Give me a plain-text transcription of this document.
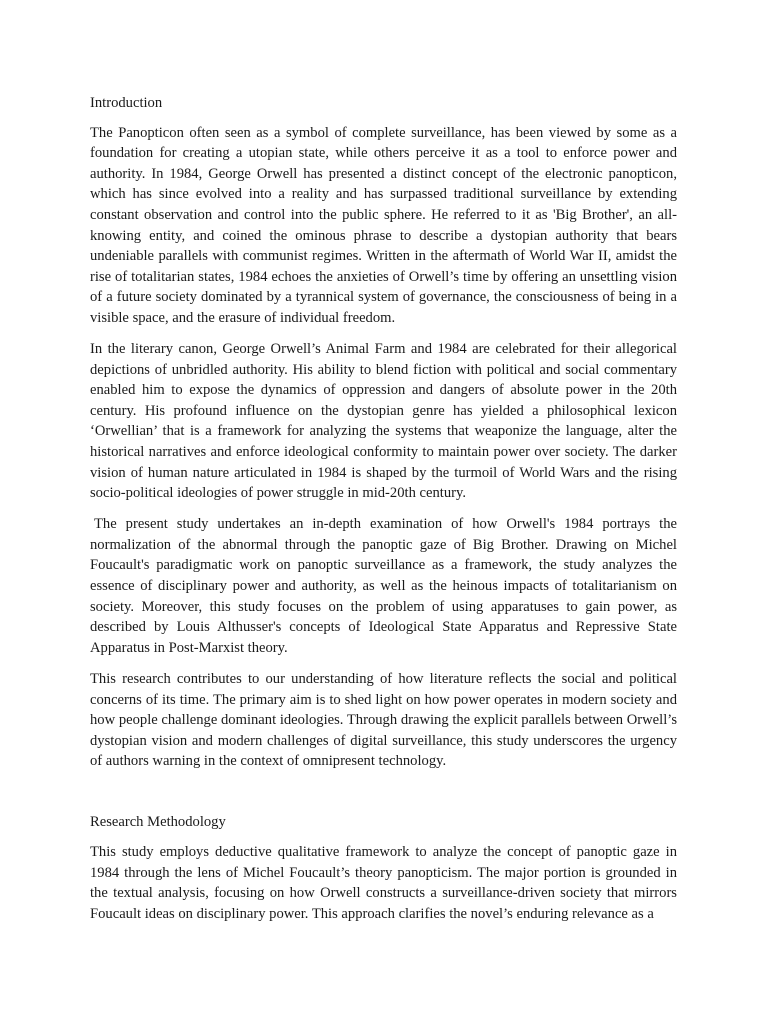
Introduction

The Panopticon often seen as a symbol of complete surveillance, has been viewed by some as a foundation for creating a utopian state, while others perceive it as a tool to enforce power and authority. In 1984, George Orwell has presented a distinct concept of the electronic panopticon, which has since evolved into a reality and has surpassed traditional surveillance by extending constant observation and control into the public sphere. He referred to it as 'Big Brother', an all-knowing entity, and coined the ominous phrase to describe a dystopian authority that bears undeniable parallels with communist regimes. Written in the aftermath of World War II, amidst the rise of totalitarian states, 1984 echoes the anxieties of Orwell’s time by offering an unsettling vision of a future society dominated by a tyrannical system of governance, the consciousness of being in a visible space, and the erasure of individual freedom.

In the literary canon, George Orwell’s Animal Farm and 1984 are celebrated for their allegorical depictions of unbridled authority. His ability to blend fiction with political and social commentary enabled him to expose the dynamics of oppression and dangers of absolute power in the 20th century. His profound influence on the dystopian genre has yielded a philosophical lexicon ‘Orwellian’ that is a framework for analyzing the systems that weaponize the language, alter the historical narratives and enforce ideological conformity to maintain power over society. The darker vision of human nature articulated in 1984 is shaped by the turmoil of World Wars and the rising socio-political ideologies of power struggle in mid-20th century.

The present study undertakes an in-depth examination of how Orwell's 1984 portrays the normalization of the abnormal through the panoptic gaze of Big Brother. Drawing on Michel Foucault's paradigmatic work on panoptic surveillance as a framework, the study analyzes the essence of disciplinary power and authority, as well as the heinous impacts of totalitarianism on society. Moreover, this study focuses on the problem of using apparatuses to gain power, as described by Louis Althusser's concepts of Ideological State Apparatus and Repressive State Apparatus in Post-Marxist theory.

This research contributes to our understanding of how literature reflects the social and political concerns of its time. The primary aim is to shed light on how power operates in modern society and how people challenge dominant ideologies. Through drawing the explicit parallels between Orwell’s dystopian vision and modern challenges of digital surveillance, this study underscores the urgency of authors warning in the context of omnipresent technology.

Research Methodology

This study employs deductive qualitative framework to analyze the concept of panoptic gaze in 1984 through the lens of Michel Foucault’s theory panopticism. The major portion is grounded in the textual analysis, focusing on how Orwell constructs a surveillance-driven society that mirrors Foucault ideas on disciplinary power. This approach clarifies the novel’s enduring relevance as a
